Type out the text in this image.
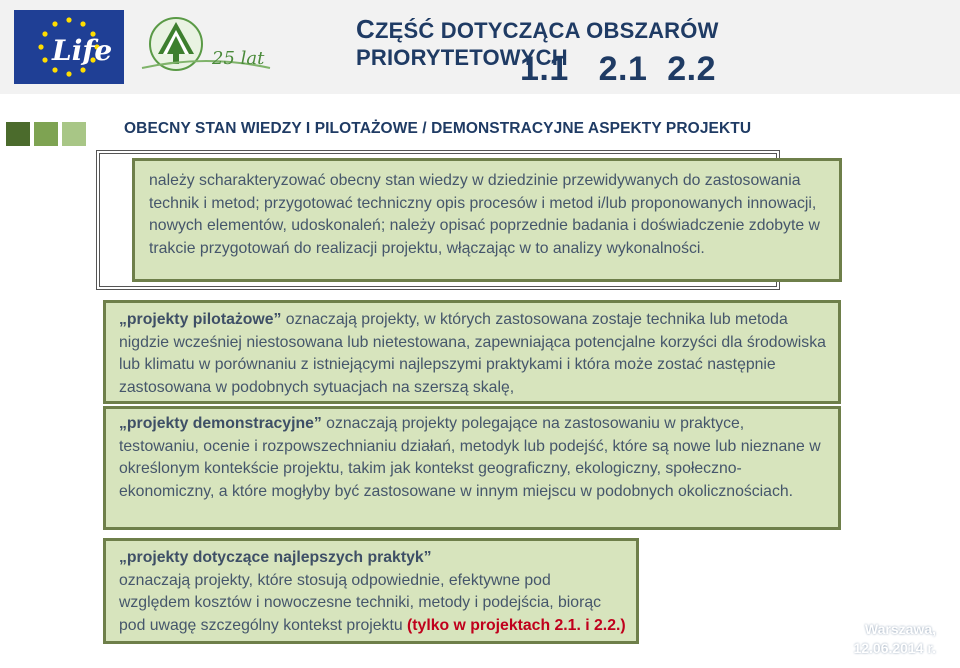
Life	25 lat
CZĘŚĆ DOTYCZĄCA OBSZARÓW PRIORYTETOWYCH
1.1   2.1  2.2
OBECNY STAN WIEDZY I PILOTAŻOWE / DEMONSTRACYJNE ASPEKTY PROJEKTU
należy scharakteryzować obecny stan wiedzy w dziedzinie przewidywanych do zastosowania technik i metod; przygotować techniczny opis procesów i metod i/lub proponowanych innowacji, nowych elementów, udoskonaleń; należy opisać poprzednie badania i doświadczenie zdobyte w trakcie przygotowań do realizacji projektu, włączając w to analizy wykonalności.
„projekty pilotażowe” oznaczają projekty, w których zastosowana zostaje technika lub metoda nigdzie wcześniej niestosowana lub nietestowana, zapewniająca potencjalne korzyści dla środowiska lub klimatu w porównaniu z istniejącymi najlepszymi praktykami i która może zostać następnie zastosowana w podobnych sytuacjach na szerszą skalę,
„projekty demonstracyjne” oznaczają projekty polegające na zastosowaniu w praktyce, testowaniu, ocenie i rozpowszechnianiu działań, metodyk lub podejść, które są nowe lub nieznane w określonym kontekście projektu, takim jak kontekst geograficzny, ekologiczny, społeczno-ekonomiczny, a które mogłyby być zastosowane w innym miejscu w podobnych okolicznościach.
„projekty dotyczące najlepszych praktyk”
oznaczają projekty, które stosują odpowiednie, efektywne pod względem kosztów i nowoczesne techniki, metody i podejścia, biorąc pod uwagę szczególny kontekst projektu (tylko w projektach 2.1. i 2.2.)	Warszawa,
12.06.2014 r.
